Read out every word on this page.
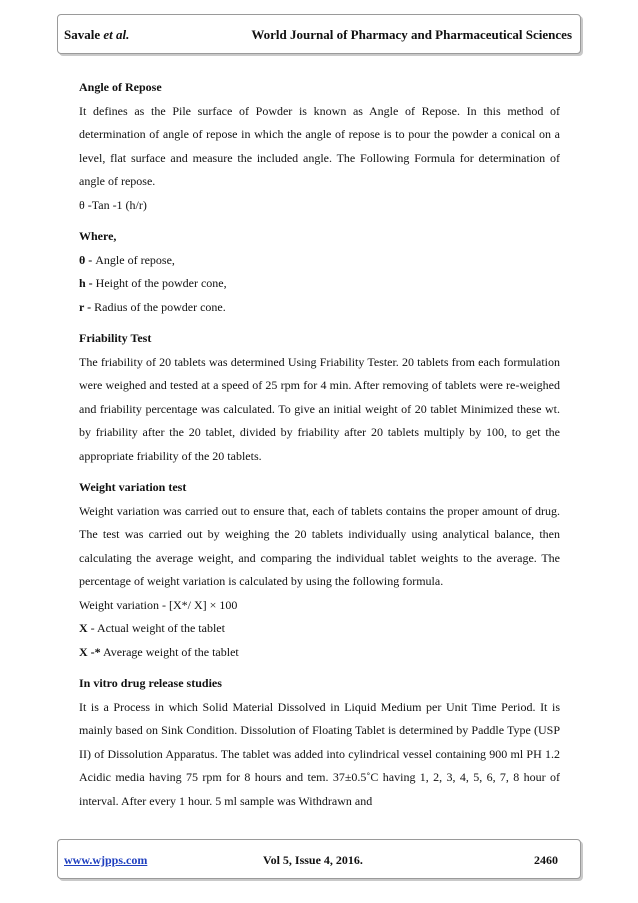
Savale et al.	World Journal of Pharmacy and Pharmaceutical Sciences

Angle of Repose

It defines as the Pile surface of Powder is known as Angle of Repose. In this method of determination of angle of repose in which the angle of repose is to pour the powder a conical on a level, flat surface and measure the included angle. The Following Formula for determination of angle of repose.

θ -Tan -1 (h/r)

Where,

θ - Angle of repose,

h - Height of the powder cone,

r - Radius of the powder cone.

Friability Test

The friability of 20 tablets was determined Using Friability Tester. 20 tablets from each formulation were weighed and tested at a speed of 25 rpm for 4 min. After removing of tablets were re-weighed and friability percentage was calculated. To give an initial weight of 20 tablet Minimized these wt. by friability after the 20 tablet, divided by friability after 20 tablets multiply by 100, to get the appropriate friability of the 20 tablets.

Weight variation test

Weight variation was carried out to ensure that, each of tablets contains the proper amount of drug. The test was carried out by weighing the 20 tablets individually using analytical balance, then calculating the average weight, and comparing the individual tablet weights to the average. The percentage of weight variation is calculated by using the following formula.

Weight variation - [X*/ X] × 100

X - Actual weight of the tablet

X -* Average weight of the tablet

In vitro drug release studies

It is a Process in which Solid Material Dissolved in Liquid Medium per Unit Time Period. It is mainly based on Sink Condition. Dissolution of Floating Tablet is determined by Paddle Type (USP II) of Dissolution Apparatus. The tablet was added into cylindrical vessel containing 900 ml PH 1.2 Acidic media having 75 rpm for 8 hours and tem. 37±0.5˚C having 1, 2, 3, 4, 5, 6, 7, 8 hour of interval. After every 1 hour. 5 ml sample was Withdrawn and

www.wjpps.com	Vol 5, Issue 4, 2016.	2460
